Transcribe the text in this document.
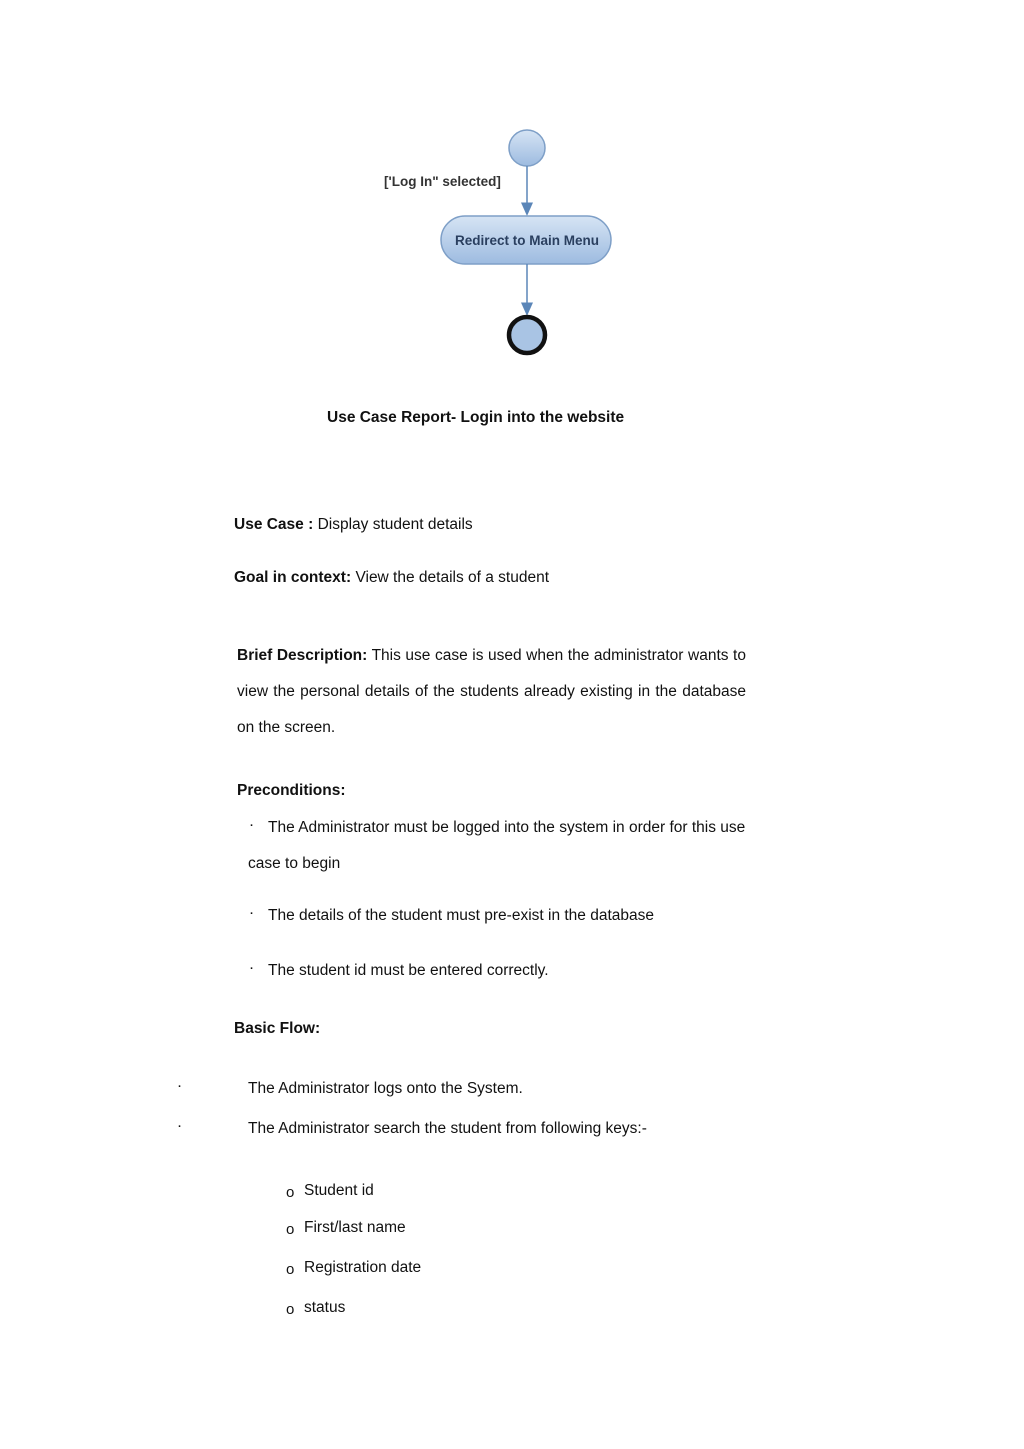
['Log In" selected]
Redirect to Main Menu
Use Case Report- Login into the website
Use Case : Display student details
Goal in context: View the details of a student
Brief Description: This use case is used when the administrator wants to view the personal details of the students already existing in the database on the screen.
Preconditions:
· The Administrator must be logged into the system in order for this use
case to begin
· The details of the student must pre-exist in the database
· The student id must be entered correctly.
Basic Flow:
·	The Administrator logs onto the System.
·	The Administrator search the student from following keys:-
o Student id
o First/last name
o Registration date
o status
